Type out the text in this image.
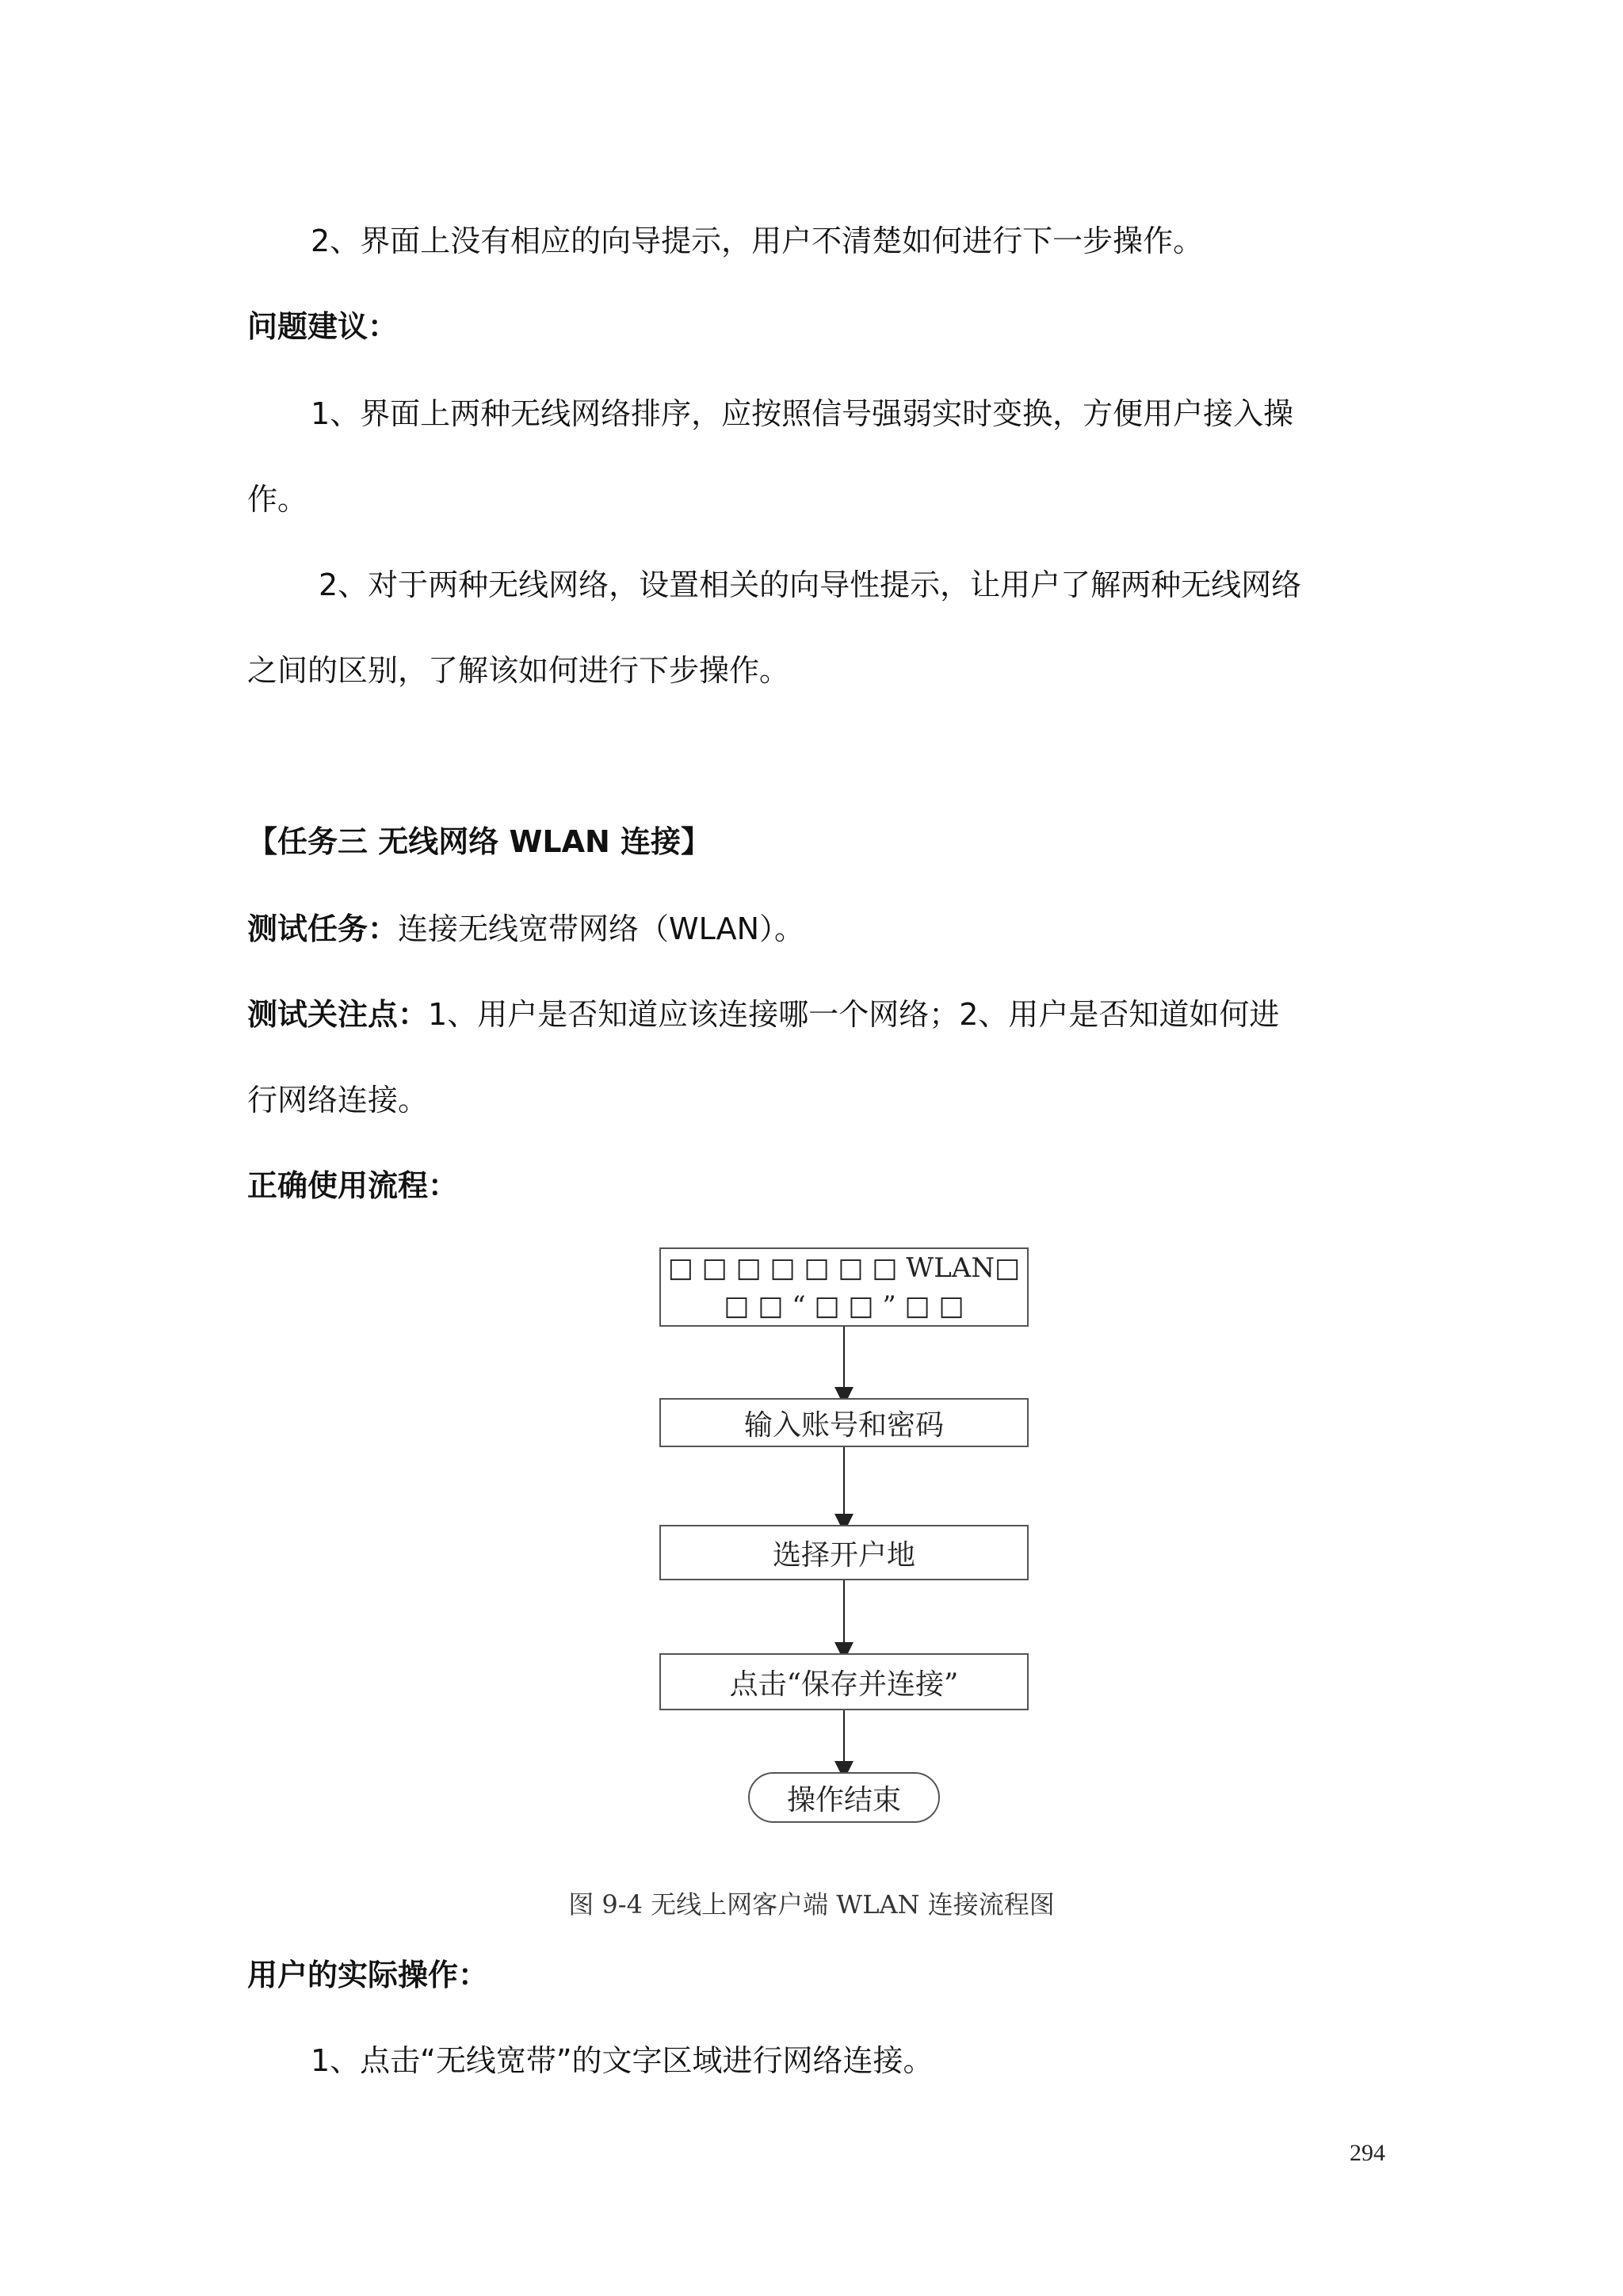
2、界面上没有相应的向导提示，用户不清楚如何进行下一步操作。
问题建议：
1、界面上两种无线网络排序，应按照信号强弱实时变换，方便用户接入操
作。
2、对于两种无线网络，设置相关的向导性提示，让用户了解两种无线网络
之间的区别，了解该如何进行下步操作。
【任务三 无线网络 WLAN 连接】
测试任务：连接无线宽带网络（WLAN）。
测试关注点：1、用户是否知道应该连接哪一个网络；2、用户是否知道如何进
行网络连接。
正确使用流程：
□ □ □ □ □ □ □ WLAN□
□ □ “ □ □ ” □ □
输入账号和密码
选择开户地
点击“保存并连接”
操作结束
图 9-4 无线上网客户端 WLAN 连接流程图
用户的实际操作：
1、点击“无线宽带”的文字区域进行网络连接。
294
